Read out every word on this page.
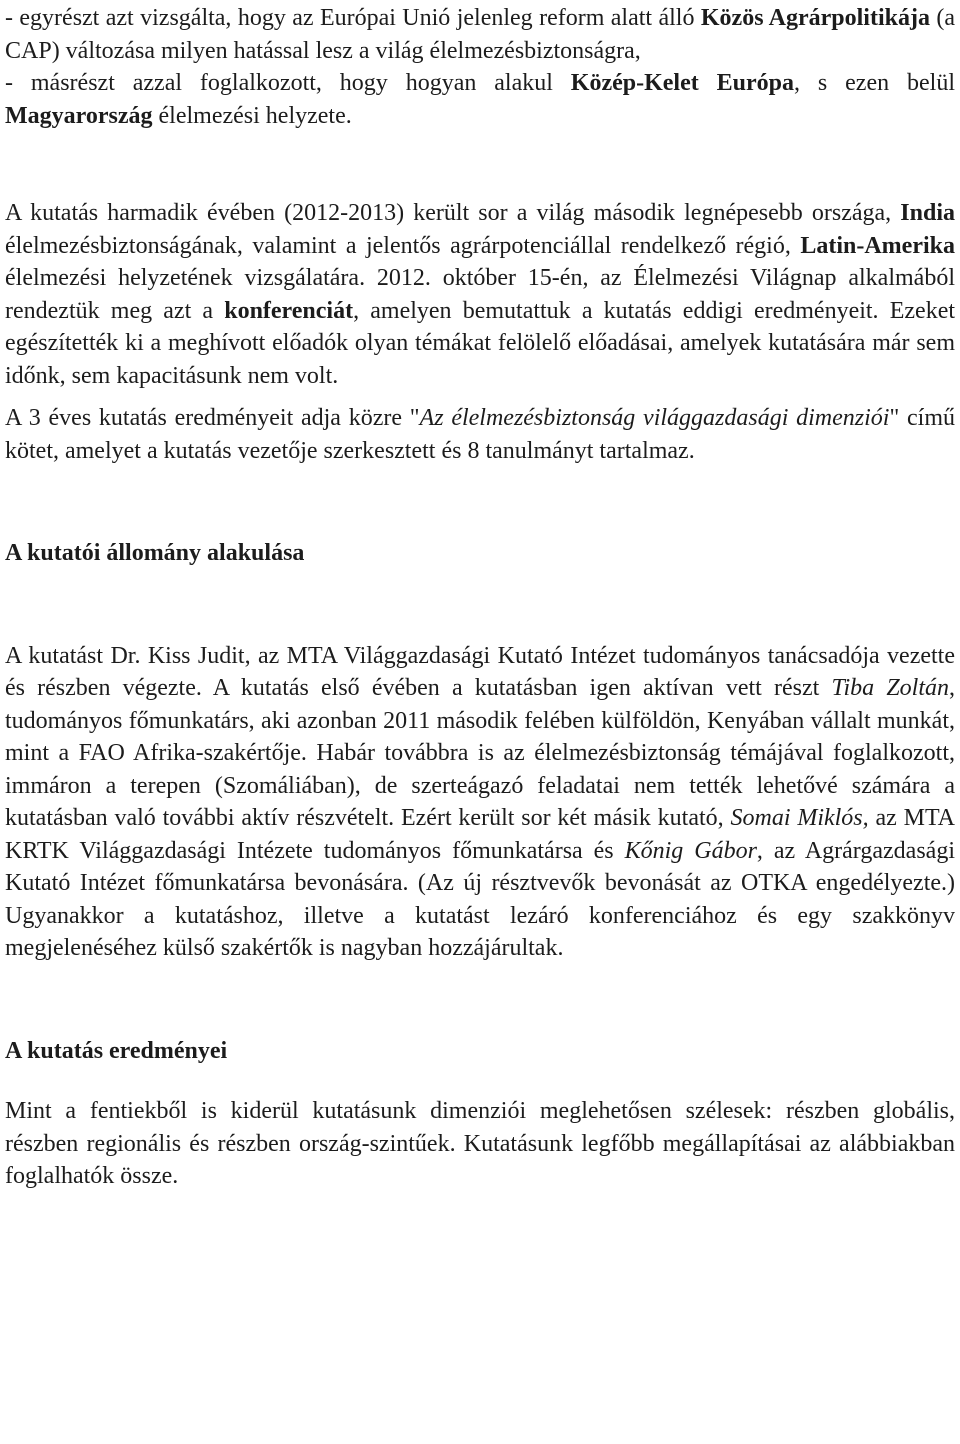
- egyrészt azt vizsgálta, hogy az Európai Unió jelenleg reform alatt álló Közös Agrárpolitikája (a CAP) változása milyen hatással lesz a világ élelmezésbiztonságra,

- másrészt azzal foglalkozott, hogy hogyan alakul Közép-Kelet Európa, s ezen belül Magyarország élelmezési helyzete.

A kutatás harmadik évében (2012-2013) került sor a világ második legnépesebb országa, India élelmezésbiztonságának, valamint a jelentős agrárpotenciállal rendelkező régió, Latin-Amerika élelmezési helyzetének vizsgálatára. 2012. október 15-én, az Élelmezési Világnap alkalmából rendeztük meg azt a konferenciát, amelyen bemutattuk a kutatás eddigi eredményeit. Ezeket egészítették ki a meghívott előadók olyan témákat felölelő előadásai, amelyek kutatására már sem időnk, sem kapacitásunk nem volt.

A 3 éves kutatás eredményeit adja közre "Az élelmezésbiztonság világgazdasági dimenziói" című kötet, amelyet a kutatás vezetője szerkesztett és 8 tanulmányt tartalmaz.

A kutatói állomány alakulása

A kutatást Dr. Kiss Judit, az MTA Világgazdasági Kutató Intézet tudományos tanácsadója vezette és részben végezte. A kutatás első évében a kutatásban igen aktívan vett részt Tiba Zoltán, tudományos főmunkatárs, aki azonban 2011 második felében külföldön, Kenyában vállalt munkát, mint a FAO Afrika-szakértője. Habár továbbra is az élelmezésbiztonság témájával foglalkozott, immáron a terepen (Szomáliában), de szerteágazó feladatai nem tették lehetővé számára a kutatásban való további aktív részvételt. Ezért került sor két másik kutató, Somai Miklós, az MTA KRTK Világgazdasági Intézete tudományos főmunkatársa és Kőnig Gábor, az Agrárgazdasági Kutató Intézet főmunkatársa bevonására. (Az új résztvevők bevonását az OTKA engedélyezte.) Ugyanakkor a kutatáshoz, illetve a kutatást lezáró konferenciához és egy szakkönyv megjelenéséhez külső szakértők is nagyban hozzájárultak.

A kutatás eredményei

Mint a fentiekből is kiderül kutatásunk dimenziói meglehetősen szélesek: részben globális, részben regionális és részben ország-szintűek. Kutatásunk legfőbb megállapításai az alábbiakban foglalhatók össze.
